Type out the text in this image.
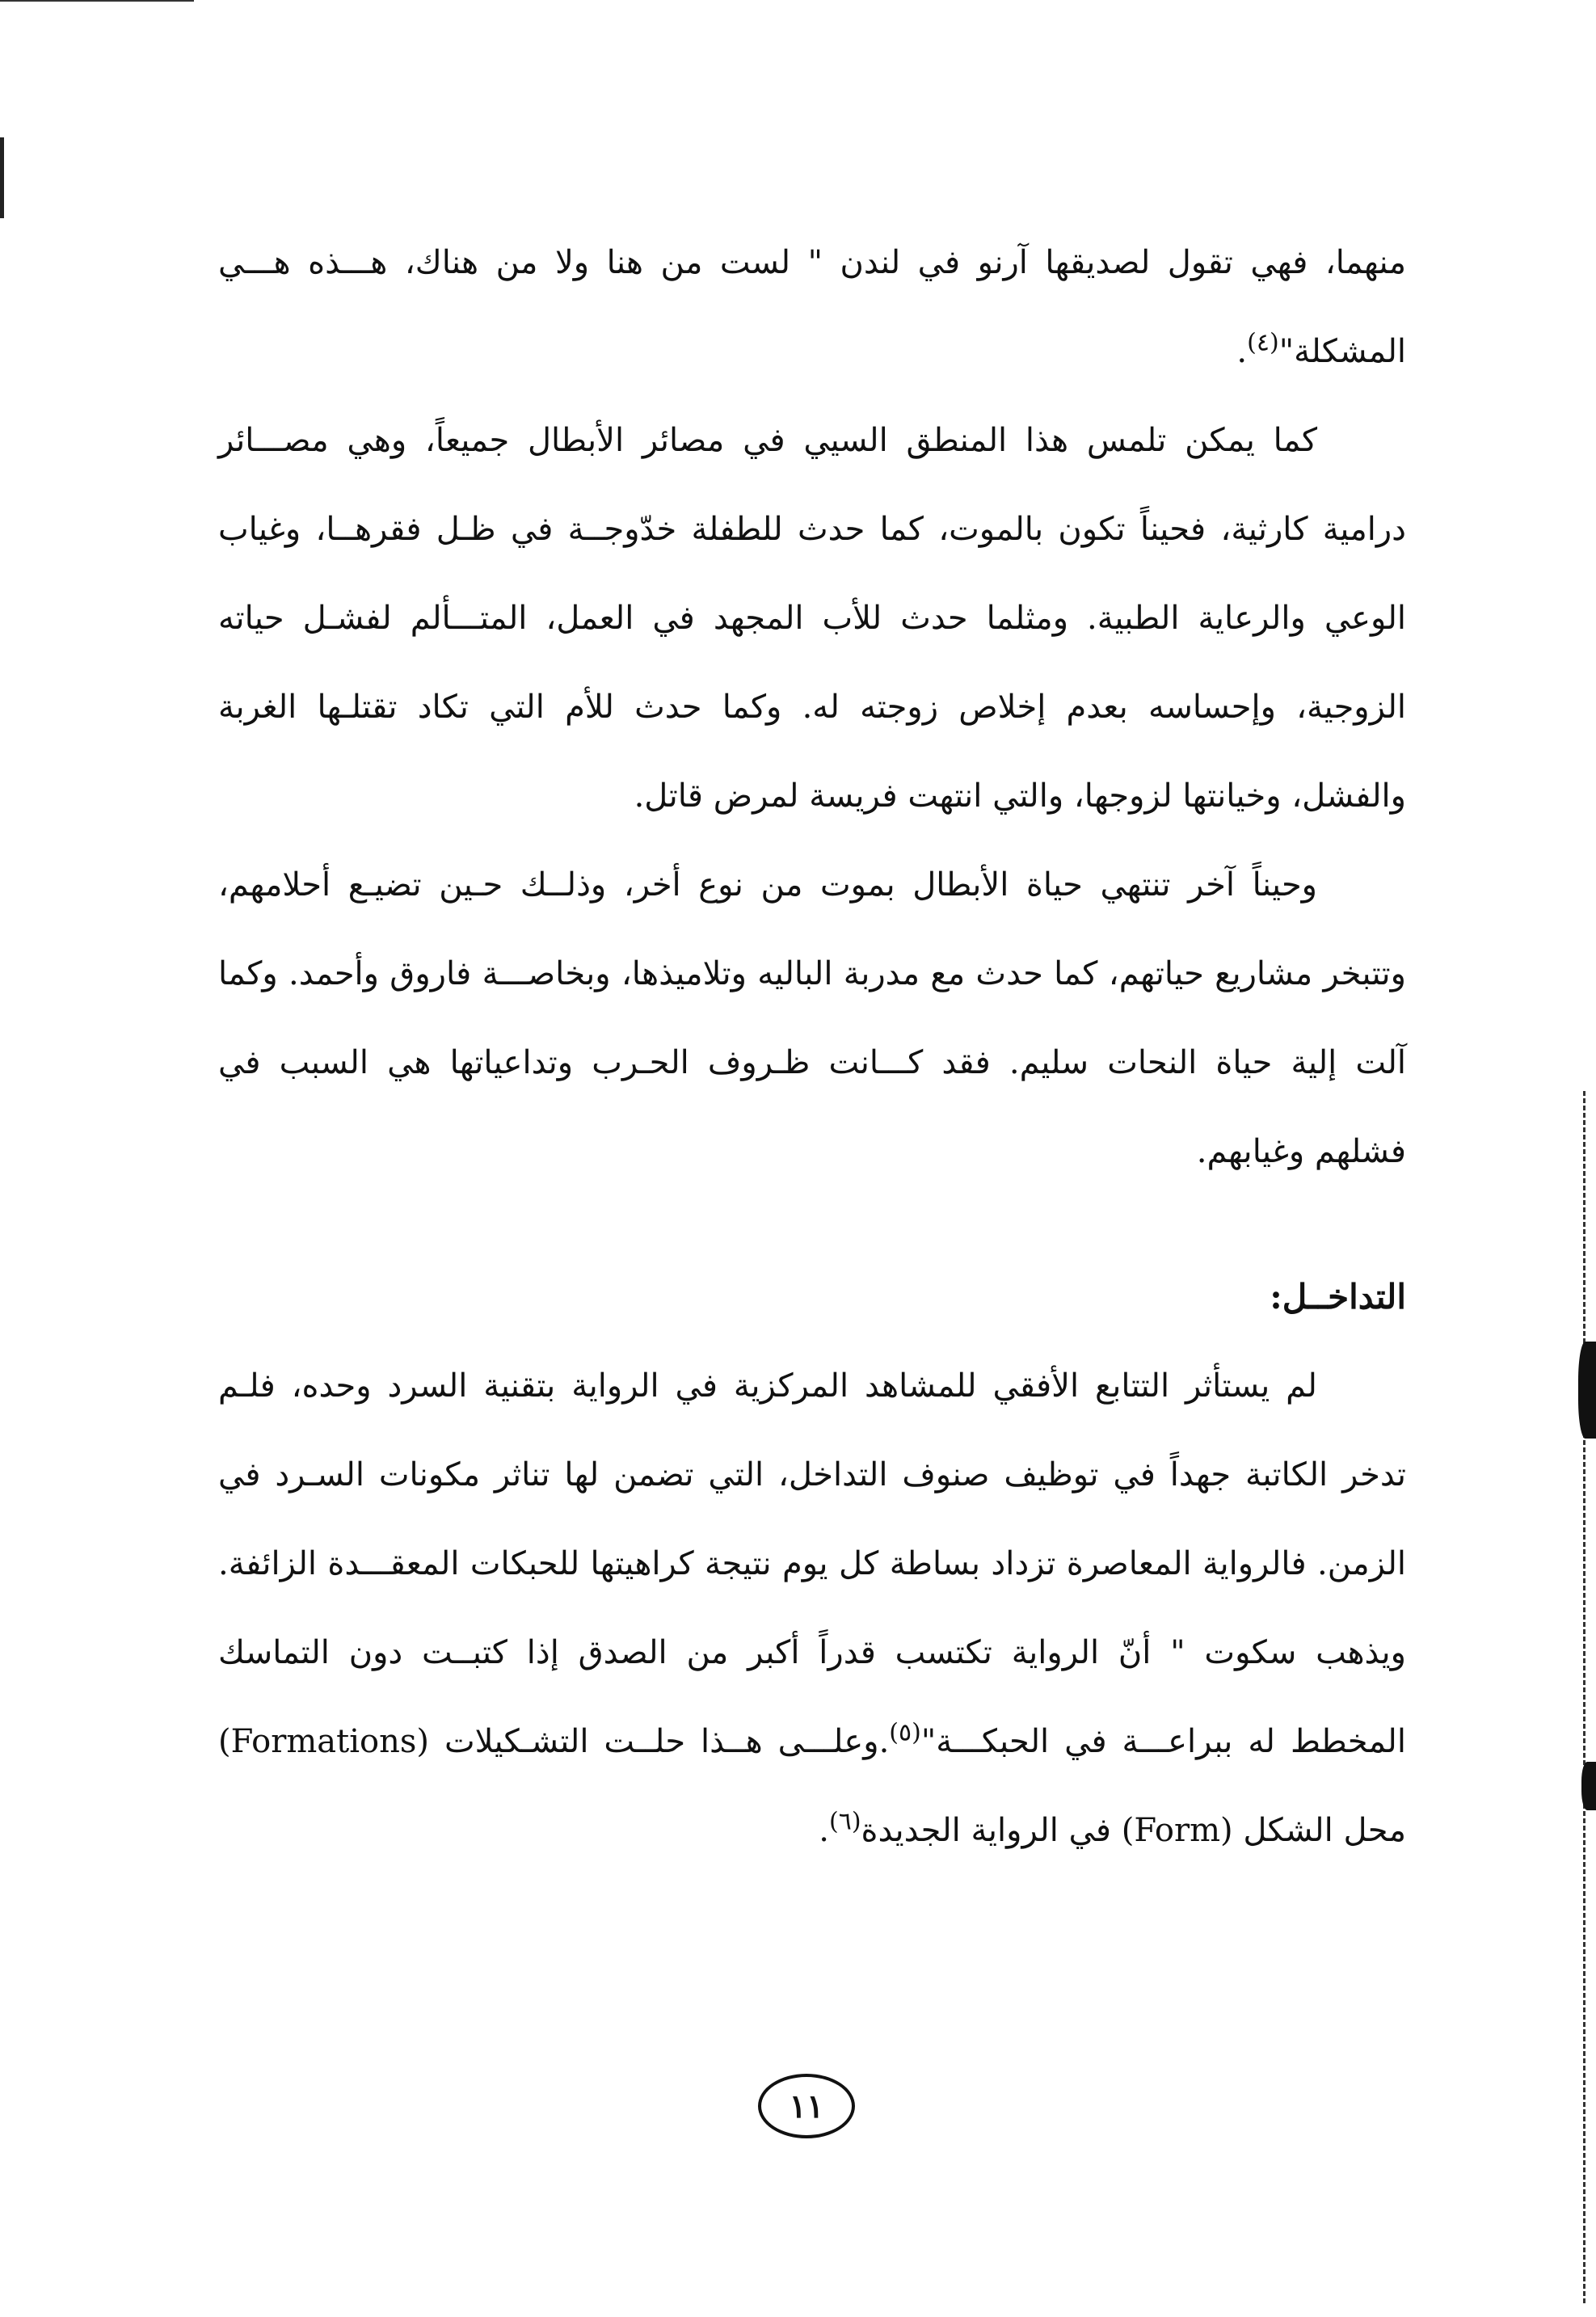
منهما، فهي تقول لصديقها آرنو في لندن " لست من هنا ولا من هناك، هـــذه هـــي المشكلة"$^{(٤)}$.

كما يمكن تلمس هذا المنطق السيي في مصائر الأبطال جميعاً، وهي مصـــائر درامية كارثية، فحيناً تكون بالموت، كما حدث للطفلة خدّوجــة في ظـل فقرهــا، وغياب الوعي والرعاية الطبية. ومثلما حدث للأب المجهد في العمل، المتـــألم لفشـل حياته الزوجية، وإحساسه بعدم إخلاص زوجته له. وكما حدث للأم التي تكاد تقتلـها الغربة والفشل، وخيانتها لزوجها، والتي انتهت فريسة لمرض قاتل.

وحيناً آخر تنتهي حياة الأبطال بموت من نوع أخر، وذلــك حـين تضيـع أحلامهم، وتتبخر مشاريع حياتهم، كما حدث مع مدربة الباليه وتلاميذها، وبخاصـــة فاروق وأحمد. وكما آلت إلية حياة النحات سليم. فقد كـــانت ظـروف الحـرب وتداعياتها هي السبب في فشلهم وغيابهم.

التداخــل:

لم يستأثر التتابع الأفقي للمشاهد المركزية في الرواية بتقنية السرد وحده، فلـم تدخر الكاتبة جهداً في توظيف صنوف التداخل، التي تضمن لها تناثر مكونات السـرد في الزمن. فالرواية المعاصرة تزداد بساطة كل يوم نتيجة كراهيتها للحبكات المعقـــدة الزائفة. ويذهب سكوت " أنّ الرواية تكتسب قدراً أكبر من الصدق إذا كتبــت دون التماسك المخطط له ببراعـــة في الحبكـــة"$^{(٥)}$.وعلـــى هــذا حلــت التشـكيلات (Formations) محل الشكل (Form) في الرواية الجديدة$^{(٦)}$.

١١
